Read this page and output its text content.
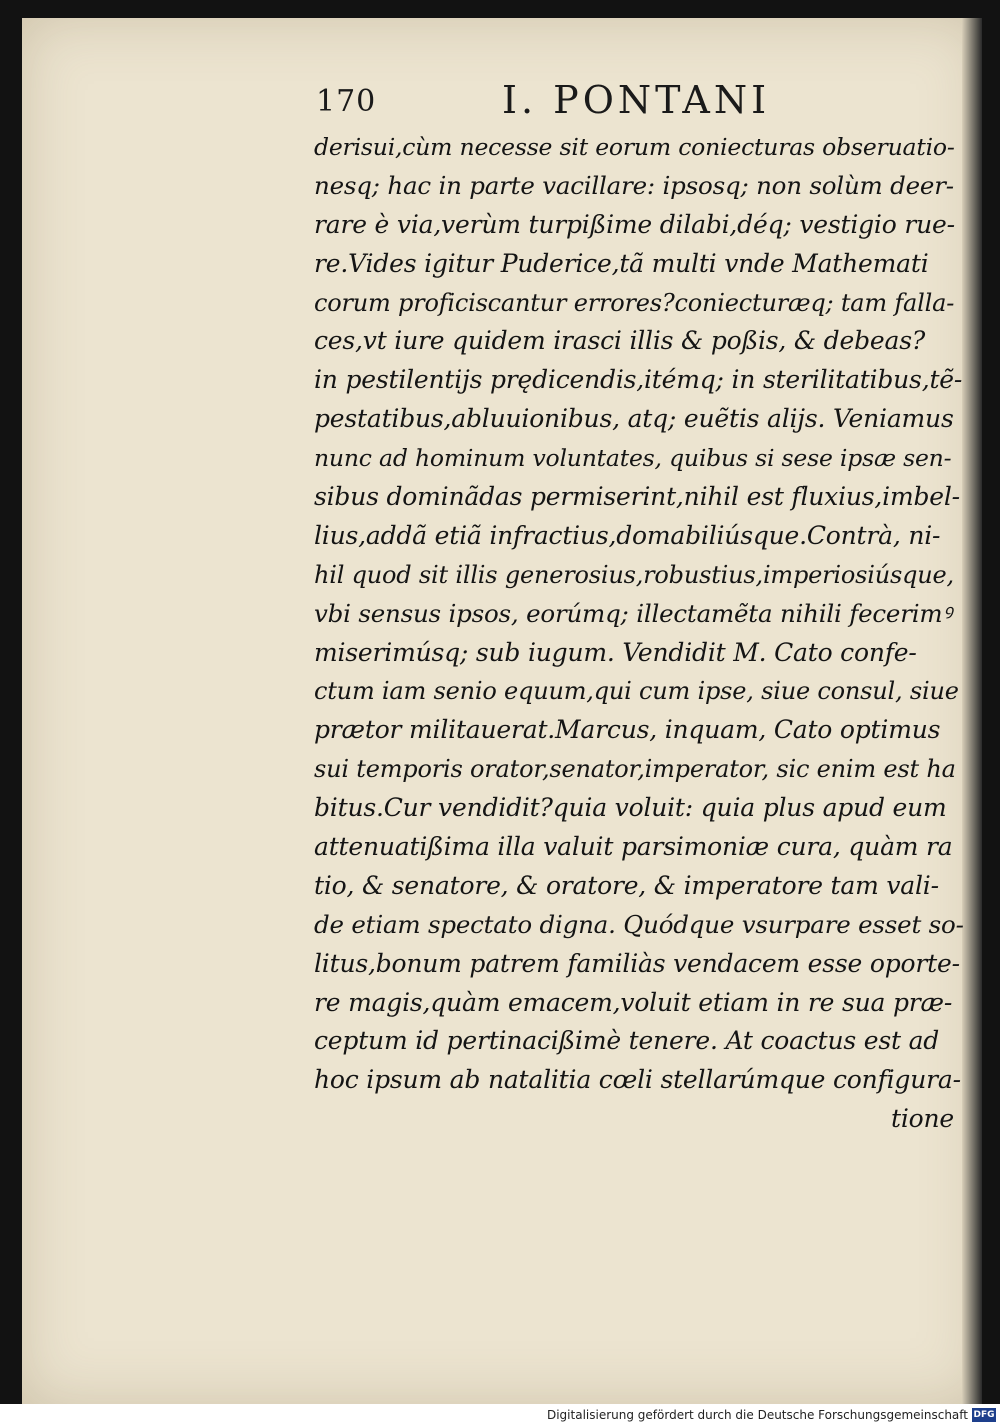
170	I. PONTANI
derisui,cùm necesse sit eorum coniecturas obseruatio-
nesq; hac in parte vacillare: ipsosq; non solùm deer-
rare è via,verùm turpißime dilabi,déq; vestigio rue-
re.Vides igitur Puderice,tã multi vnde Mathemati
corum proficiscantur errores?coniecturæq; tam falla-
ces,vt iure quidem irasci illis & poßis, & debeas?
in pestilentijs prędicendis,itémq; in sterilitatibus,tẽ-
pestatibus,abluuionibus, atq; euẽtis alijs. Veniamus
nunc ad hominum voluntates, quibus si sese ipsæ sen-
sibus dominãdas permiserint,nihil est fluxius,imbel-
lius,addã etiã infractius,domabiliúsque.Contrà, ni-
hil quod sit illis generosius,robustius,imperiosiúsque,
vbi sensus ipsos, eorúmq; illectamẽta nihili fecerimꝰ
miserimúsq; sub iugum. Vendidit M. Cato confe-
ctum iam senio equum,qui cum ipse, siue consul, siue
prætor militauerat.Marcus, inquam, Cato optimus
sui temporis orator,senator,imperator, sic enim est ha
bitus.Cur vendidit?quia voluit: quia plus apud eum
attenuatißima illa valuit parsimoniæ cura, quàm ra
tio, & senatore, & oratore, & imperatore tam vali-
de etiam spectato digna. Quódque vsurpare esset so-
litus,bonum patrem familiàs vendacem esse oporte-
re magis,quàm emacem,voluit etiam in re sua præ-
ceptum id pertinacißimè tenere. At coactus est ad
hoc ipsum ab natalitia cœli stellarúmque configura-
tione
Digitalisierung gefördert durch die Deutsche Forschungsgemeinschaft DFG
